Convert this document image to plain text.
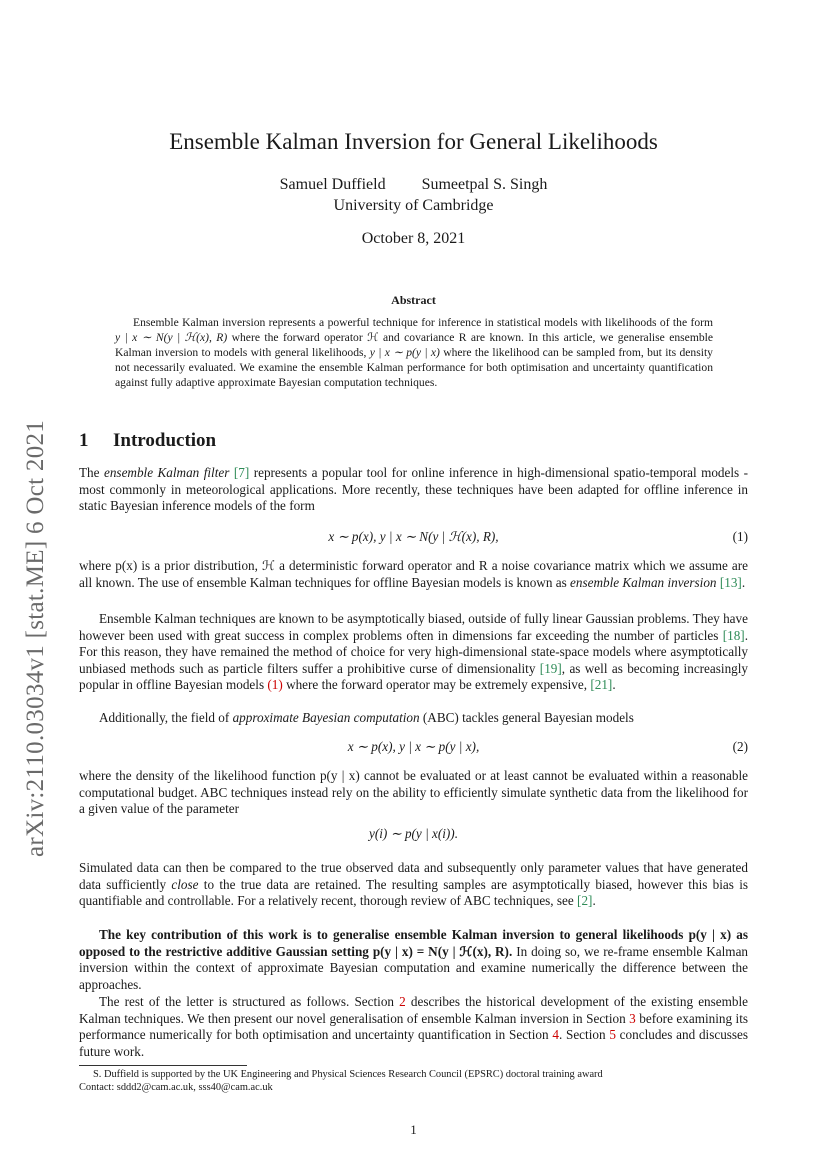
arXiv:2110.03034v1 [stat.ME] 6 Oct 2021
Ensemble Kalman Inversion for General Likelihoods
Samuel Duffield Sumeetpal S. Singh
University of Cambridge
October 8, 2021
Abstract
Ensemble Kalman inversion represents a powerful technique for inference in statistical models with likelihoods of the form y | x ∼ N(y | ℋ(x), R) where the forward operator ℋ and covariance R are known. In this article, we generalise ensemble Kalman inversion to models with general likelihoods, y | x ∼ p(y | x) where the likelihood can be sampled from, but its density not necessarily evaluated. We examine the ensemble Kalman performance for both optimisation and uncertainty quantification against fully adaptive approximate Bayesian computation techniques.
1 Introduction
The ensemble Kalman filter [7] represents a popular tool for online inference in high-dimensional spatio-temporal models - most commonly in meteorological applications. More recently, these techniques have been adapted for offline inference in static Bayesian inference models of the form
x ∼ p(x), y | x ∼ N(y | ℋ(x), R),	(1)
where p(x) is a prior distribution, ℋ a deterministic forward operator and R a noise covariance matrix which we assume are all known. The use of ensemble Kalman techniques for offline Bayesian models is known as ensemble Kalman inversion [13].
Ensemble Kalman techniques are known to be asymptotically biased, outside of fully linear Gaussian problems. They have however been used with great success in complex problems often in dimensions far exceeding the number of particles [18]. For this reason, they have remained the method of choice for very high-dimensional state-space models where asymptotically unbiased methods such as particle filters suffer a prohibitive curse of dimensionality [19], as well as becoming increasingly popular in offline Bayesian models (1) where the forward operator may be extremely expensive, [21].
Additionally, the field of approximate Bayesian computation (ABC) tackles general Bayesian models
x ∼ p(x), y | x ∼ p(y | x),	(2)
where the density of the likelihood function p(y | x) cannot be evaluated or at least cannot be evaluated within a reasonable computational budget. ABC techniques instead rely on the ability to efficiently simulate synthetic data from the likelihood for a given value of the parameter
y(i) ∼ p(y | x(i)).
Simulated data can then be compared to the true observed data and subsequently only parameter values that have generated data sufficiently close to the true data are retained. The resulting samples are asymptotically biased, however this bias is quantifiable and controllable. For a relatively recent, thorough review of ABC techniques, see [2].
The key contribution of this work is to generalise ensemble Kalman inversion to general likelihoods p(y | x) as opposed to the restrictive additive Gaussian setting p(y | x) = N(y | ℋ(x), R). In doing so, we re-frame ensemble Kalman inversion within the context of approximate Bayesian computation and examine numerically the difference between the approaches.
The rest of the letter is structured as follows. Section 2 describes the historical development of the existing ensemble Kalman techniques. We then present our novel generalisation of ensemble Kalman inversion in Section 3 before examining its performance numerically for both optimisation and uncertainty quantification in Section 4. Section 5 concludes and discusses future work.
S. Duffield is supported by the UK Engineering and Physical Sciences Research Council (EPSRC) doctoral training award
Contact: sddd2@cam.ac.uk, sss40@cam.ac.uk
1
